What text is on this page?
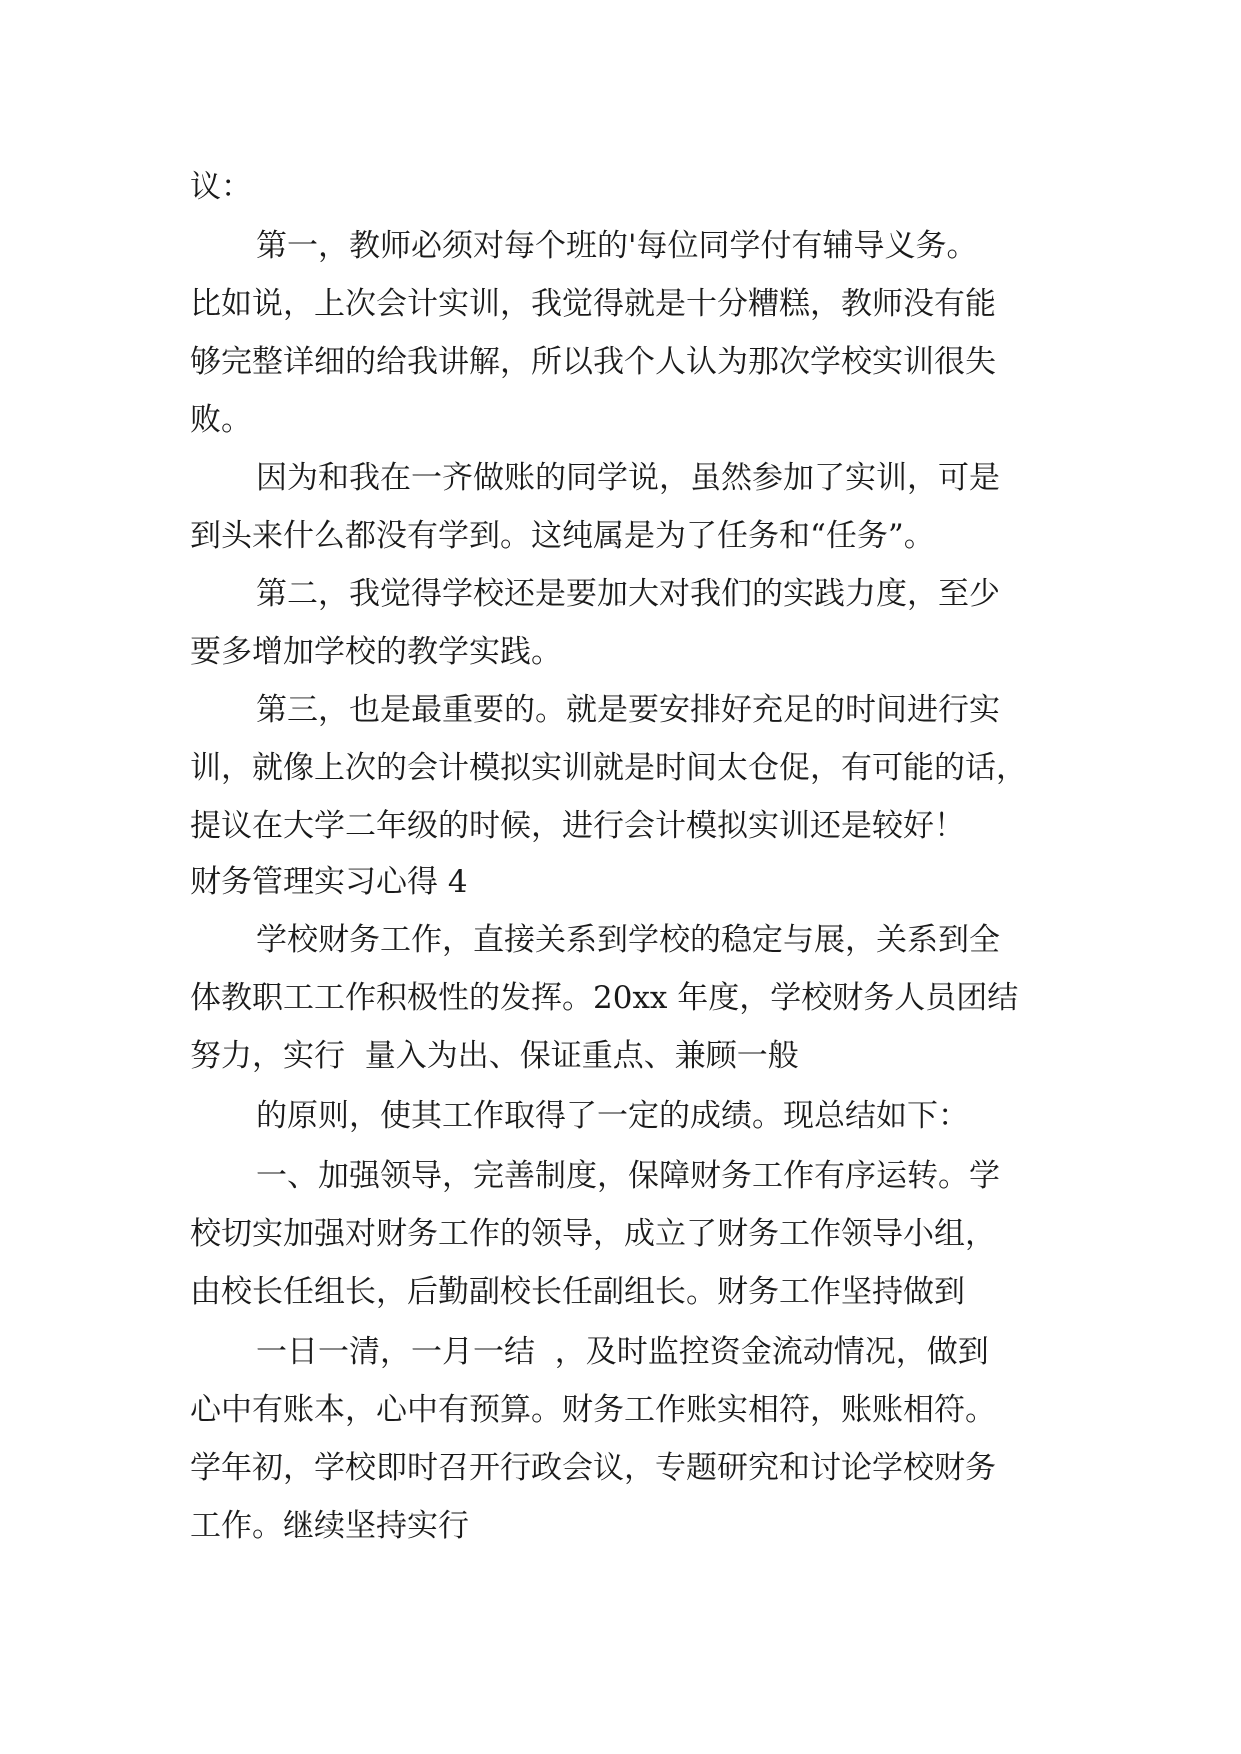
议：
第一，教师必须对每个班的'每位同学付有辅导义务。
比如说，上次会计实训，我觉得就是十分糟糕，教师没有能
够完整详细的给我讲解，所以我个人认为那次学校实训很失
败。
因为和我在一齐做账的同学说，虽然参加了实训，可是
到头来什么都没有学到。这纯属是为了任务和“任务”。
第二，我觉得学校还是要加大对我们的实践力度，至少
要多增加学校的教学实践。
第三，也是最重要的。就是要安排好充足的时间进行实
训，就像上次的会计模拟实训就是时间太仓促，有可能的话，
提议在大学二年级的时候，进行会计模拟实训还是较好！
财务管理实习心得 4
学校财务工作，直接关系到学校的稳定与展，关系到全
体教职工工作积极性的发挥。20xx 年度，学校财务人员团结
努力，实行  量入为出、保证重点、兼顾一般
的原则，使其工作取得了一定的成绩。现总结如下：
一、加强领导，完善制度，保障财务工作有序运转。学
校切实加强对财务工作的领导，成立了财务工作领导小组，
由校长任组长，后勤副校长任副组长。财务工作坚持做到
一日一清，一月一结  ，及时监控资金流动情况，做到
心中有账本，心中有预算。财务工作账实相符，账账相符。
学年初，学校即时召开行政会议，专题研究和讨论学校财务
工作。继续坚持实行
